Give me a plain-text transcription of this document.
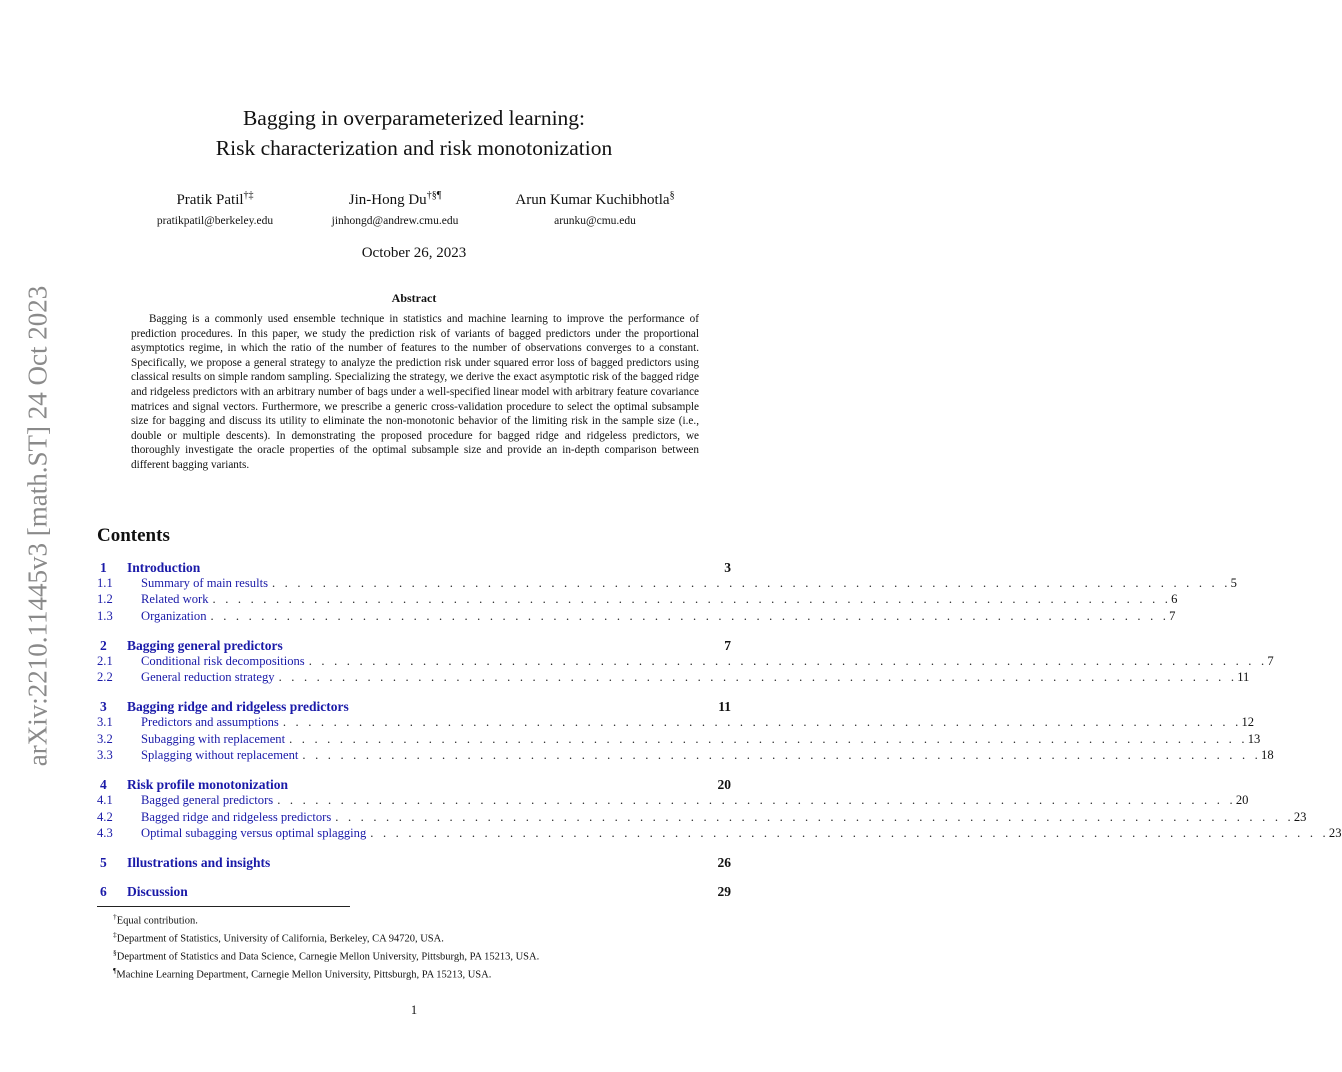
arXiv:2210.11445v3 [math.ST] 24 Oct 2023
Bagging in overparameterized learning:
Risk characterization and risk monotonization
Pratik Patil†‡
pratikpatil@berkeley.edu
Jin-Hong Du†§¶
jinhongd@andrew.cmu.edu
Arun Kumar Kuchibhotla§
arunku@cmu.edu
October 26, 2023
Abstract

Bagging is a commonly used ensemble technique in statistics and machine learning to improve the performance of prediction procedures. In this paper, we study the prediction risk of variants of bagged predictors under the proportional asymptotics regime, in which the ratio of the number of features to the number of observations converges to a constant. Specifically, we propose a general strategy to analyze the prediction risk under squared error loss of bagged predictors using classical results on simple random sampling. Specializing the strategy, we derive the exact asymptotic risk of the bagged ridge and ridgeless predictors with an arbitrary number of bags under a well-specified linear model with arbitrary feature covariance matrices and signal vectors. Furthermore, we prescribe a generic cross-validation procedure to select the optimal subsample size for bagging and discuss its utility to eliminate the non-monotonic behavior of the limiting risk in the sample size (i.e., double or multiple descents). In demonstrating the proposed procedure for bagged ridge and ridgeless predictors, we thoroughly investigate the oracle properties of the optimal subsample size and provide an in-depth comparison between different bagging variants.

Contents
1 Introduction	3
1.1 Summary of main results . . . . . . . . . . . . . . . . . . . . . . . . . . . . . . . . . . . . . . . . . . . . . . . . . . . . . . . . . . . . . . . . . . . . . . . . . . . . 5
1.2 Related work . . . . . . . . . . . . . . . . . . . . . . . . . . . . . . . . . . . . . . . . . . . . . . . . . . . . . . . . . . . . . . . . . . . . . . . . . . . . 6
1.3 Organization . . . . . . . . . . . . . . . . . . . . . . . . . . . . . . . . . . . . . . . . . . . . . . . . . . . . . . . . . . . . . . . . . . . . . . . . . . . . 7
2 Bagging general predictors	7
2.1 Conditional risk decompositions . . . . . . . . . . . . . . . . . . . . . . . . . . . . . . . . . . . . . . . . . . . . . . . . . . . . . . . . . . . . . . . . . . . . . . . . . . . . 7
2.2 General reduction strategy . . . . . . . . . . . . . . . . . . . . . . . . . . . . . . . . . . . . . . . . . . . . . . . . . . . . . . . . . . . . . . . . . . . . . . . . . . . . 11
3 Bagging ridge and ridgeless predictors	11
3.1 Predictors and assumptions . . . . . . . . . . . . . . . . . . . . . . . . . . . . . . . . . . . . . . . . . . . . . . . . . . . . . . . . . . . . . . . . . . . . . . . . . . . . 12
3.2 Subagging with replacement . . . . . . . . . . . . . . . . . . . . . . . . . . . . . . . . . . . . . . . . . . . . . . . . . . . . . . . . . . . . . . . . . . . . . . . . . . . . 13
3.3 Splagging without replacement . . . . . . . . . . . . . . . . . . . . . . . . . . . . . . . . . . . . . . . . . . . . . . . . . . . . . . . . . . . . . . . . . . . . . . . . . . . . 18
4 Risk profile monotonization	20
4.1 Bagged general predictors . . . . . . . . . . . . . . . . . . . . . . . . . . . . . . . . . . . . . . . . . . . . . . . . . . . . . . . . . . . . . . . . . . . . . . . . . . . . 20
4.2 Bagged ridge and ridgeless predictors . . . . . . . . . . . . . . . . . . . . . . . . . . . . . . . . . . . . . . . . . . . . . . . . . . . . . . . . . . . . . . . . . . . . . . . . . . . . 23
4.3 Optimal subagging versus optimal splagging . . . . . . . . . . . . . . . . . . . . . . . . . . . . . . . . . . . . . . . . . . . . . . . . . . . . . . . . . . . . . . . . . . . . . . . . . . . . 23
5 Illustrations and insights	26
6 Discussion	29
†Equal contribution.
‡Department of Statistics, University of California, Berkeley, CA 94720, USA.
§Department of Statistics and Data Science, Carnegie Mellon University, Pittsburgh, PA 15213, USA.
¶Machine Learning Department, Carnegie Mellon University, Pittsburgh, PA 15213, USA.
1
